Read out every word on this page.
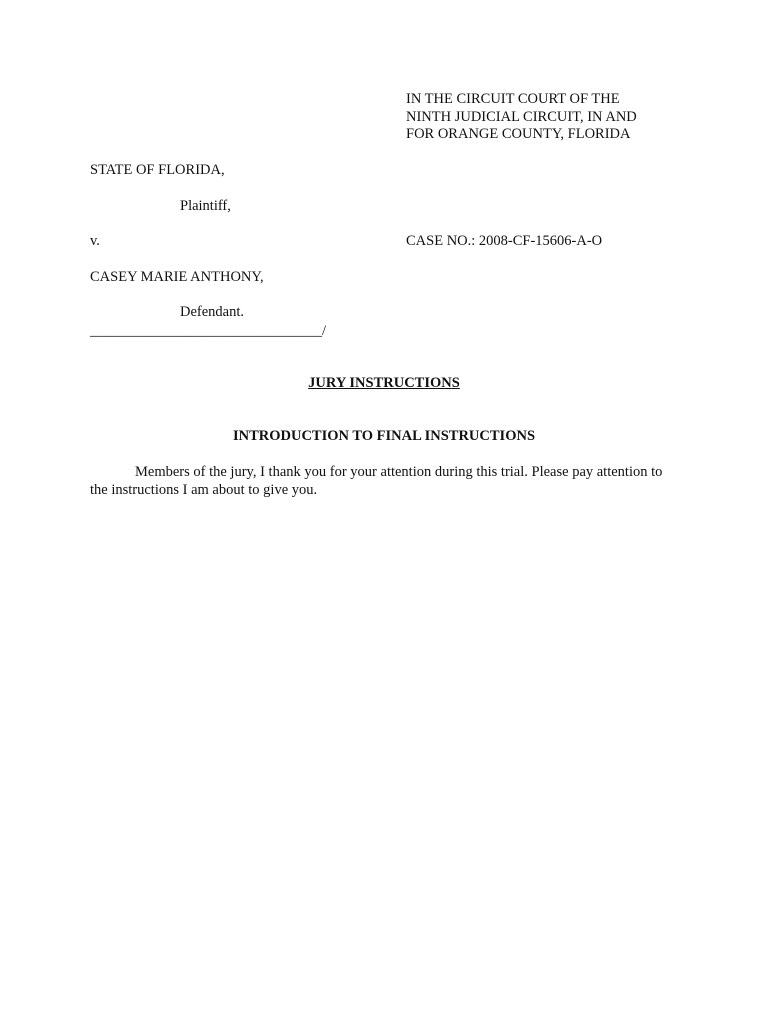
IN THE CIRCUIT COURT OF THE
NINTH JUDICIAL CIRCUIT, IN AND
FOR ORANGE COUNTY, FLORIDA
STATE OF FLORIDA,
Plaintiff,
v.	CASE NO.: 2008-CF-15606-A-O
CASEY MARIE ANTHONY,
Defendant.
________________________________/
JURY INSTRUCTIONS
INTRODUCTION TO FINAL INSTRUCTIONS
Members of the jury, I thank you for your attention during this trial. Please pay attention to the instructions I am about to give you.
